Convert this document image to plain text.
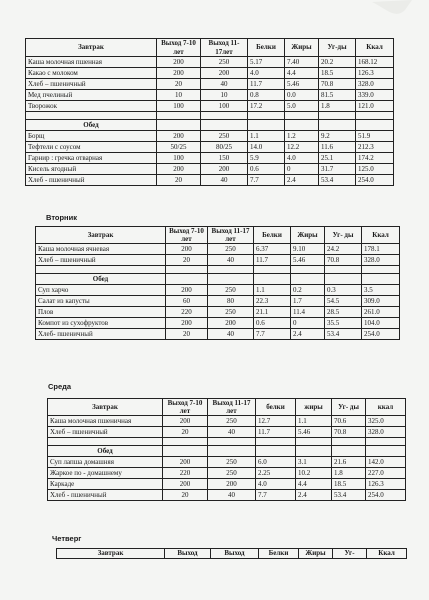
Завтрак	Выход 7-10 лет	Выход 11-17лет	Белки	Жиры	Уг-ды	Ккал
Каша молочная пшенная	200	250	5.17	7.40	20.2	168.12
Какао с молоком	200	200	4.0	4.4	18.5	126.3
Хлеб – пшеничный	20	40	11.7	5.46	70.8	328.0
Мед пчелиный	10	10	0.8	0.0	81.5	339.0
Творожок	100	100	17.2	5.0	1.8	121.0

Обед						
Борщ	200	250	1.1	1.2	9.2	51.9
Тефтели с соусом	50/25	80/25	14.0	12.2	11.6	212.3
Гарнир : гречка отварная	100	150	5.9	4.0	25.1	174.2
Кисель ягодный	200	200	0.6	0	31.7	125.0
Хлеб - пшеничный	20	40	7.7	2.4	53.4	254.0
Вторник
Завтрак	Выход 7-10 лет	Выход 11-17 лет	Белки	Жиры	Уг- ды	Ккал
Каша молочная ячневая	200	250	6.37	9.10	24.2	178.1
Хлеб – пшеничный	20	40	11.7	5.46	70.8	328.0

Обед						
Суп харчо	200	250	1.1	0.2	0.3	3.5
Салат из капусты	60	80	22.3	1.7	54.5	309.0
Плов	220	250	21.1	11.4	28.5	261.0
Компот из сухофруктов	200	200	0.6	0	35.5	104.0
Хлеб- пшеничный	20	40	7.7	2.4	53.4	254.0
Среда
Завтрак	Выход 7-10 лет	Выход 11-17 лет	белки	жиры	Уг- ды	ккал
Каша молочная пшеничная	200	250	12.7	1.1	70.6	325.0
Хлеб – пшеничный	20	40	11.7	5.46	70.8	328.0

Обед						
Суп лапша домашняя	200	250	6.0	3.1	21.6	142.0
Жаркое по - домашнему	220	250	2.25	10.2	1.8	227.0
Каркаде	200	200	4.0	4.4	18.5	126.3
Хлеб - пшеничный	20	40	7.7	2.4	53.4	254.0
Четверг
Завтрак	Выход	Выход	Белки	Жиры	Уг-	Ккал
